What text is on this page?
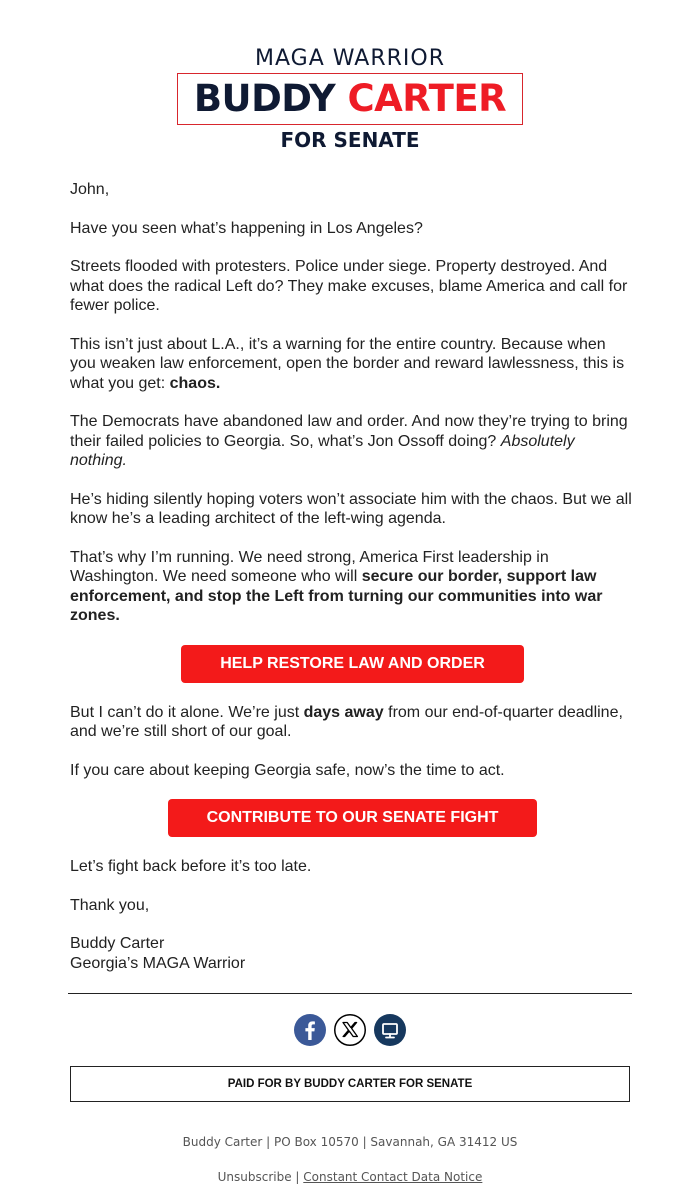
MAGA WARRIOR
BUDDY CARTER
FOR SENATE

John,

Have you seen what’s happening in Los Angeles?

Streets flooded with protesters. Police under siege. Property destroyed. And what does the radical Left do? They make excuses, blame America and call for fewer police.

This isn’t just about L.A., it’s a warning for the entire country. Because when you weaken law enforcement, open the border and reward lawlessness, this is what you get: chaos.

The Democrats have abandoned law and order. And now they’re trying to bring their failed policies to Georgia. So, what’s Jon Ossoff doing? Absolutely nothing.

He’s hiding silently hoping voters won’t associate him with the chaos. But we all know he’s a leading architect of the left-wing agenda.

That’s why I’m running. We need strong, America First leadership in Washington. We need someone who will secure our border, support law enforcement, and stop the Left from turning our communities into war zones.

HELP RESTORE LAW AND ORDER

But I can’t do it alone. We’re just days away from our end-of-quarter deadline, and we’re still short of our goal.

If you care about keeping Georgia safe, now’s the time to act.

CONTRIBUTE TO OUR SENATE FIGHT

Let’s fight back before it’s too late.

Thank you,

Buddy Carter
Georgia’s MAGA Warrior

PAID FOR BY BUDDY CARTER FOR SENATE
Buddy Carter | PO Box 10570 | Savannah, GA 31412 US
Unsubscribe | Constant Contact Data Notice
